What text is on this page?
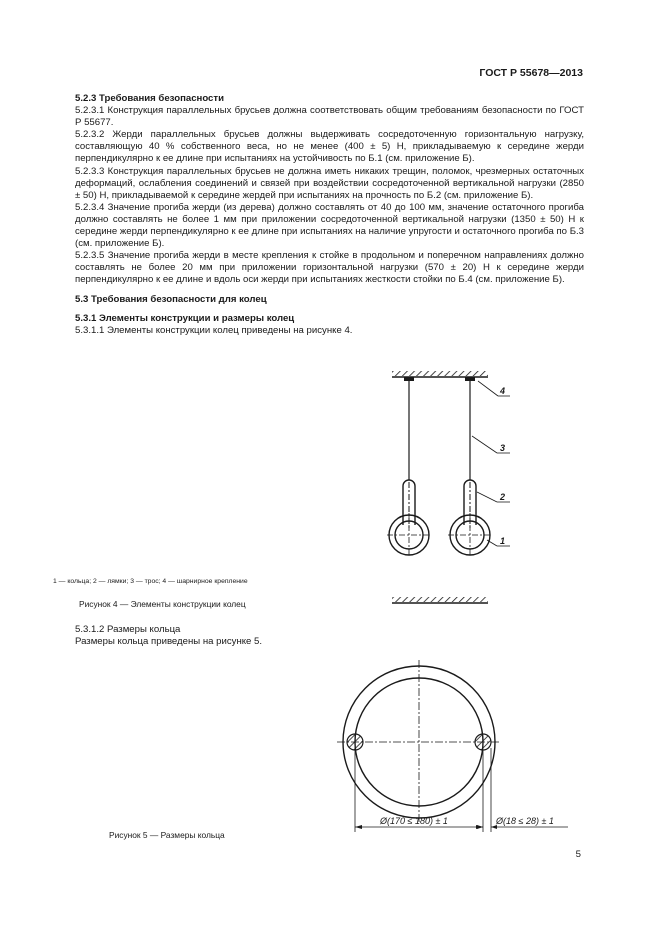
ГОСТ Р 55678—2013

5.2.3 Требования безопасности

5.2.3.1 Конструкция параллельных брусьев должна соответствовать общим требованиям безопасности по ГОСТ Р 55677.

5.2.3.2 Жерди параллельных брусьев должны выдерживать сосредоточенную горизонтальную нагрузку, составляющую 40 % собственного веса, но не менее (400 ± 5) Н, прикладываемую к середине жерди перпендикулярно к ее длине при испытаниях на устойчивость по Б.1 (см. приложение Б).

5.2.3.3 Конструкция параллельных брусьев не должна иметь никаких трещин, поломок, чрезмерных остаточных деформаций, ослабления соединений и связей при воздействии сосредоточенной вертикальной нагрузки (2850 ± 50) Н, прикладываемой к середине жердей при испытаниях на прочность по Б.2 (см. приложение Б).

5.2.3.4 Значение прогиба жерди (из дерева) должно составлять от 40 до 100 мм, значение остаточного прогиба должно составлять не более 1 мм при приложении сосредоточенной вертикальной нагрузки (1350 ± 50) Н к середине жерди перпендикулярно к ее длине при испытаниях на наличие упругости и остаточного прогиба по Б.3 (см. приложение Б).

5.2.3.5 Значение прогиба жерди в месте крепления к стойке в продольном и поперечном направлениях должно составлять не более 20 мм при приложении горизонтальной нагрузки (570 ± 20) Н к середине жерди перпендикулярно к ее длине и вдоль оси жерди при испытаниях жесткости стойки по Б.4 (см. приложение Б).

5.3 Требования безопасности для колец

5.3.1 Элементы конструкции и размеры колец

5.3.1.1 Элементы конструкции колец приведены на рисунке 4.

4
3
2
1
Ø(170 ≤ 180) ± 1	Ø(18 ≤ 28) ± 1
1 — кольца; 2 — лямки; 3 — трос; 4 — шарнирное крепление
Рисунок 4 — Элементы конструкции колец
5.3.1.2 Размеры кольца
Размеры кольца приведены на рисунке 5.
Рисунок 5 — Размеры кольца
5
